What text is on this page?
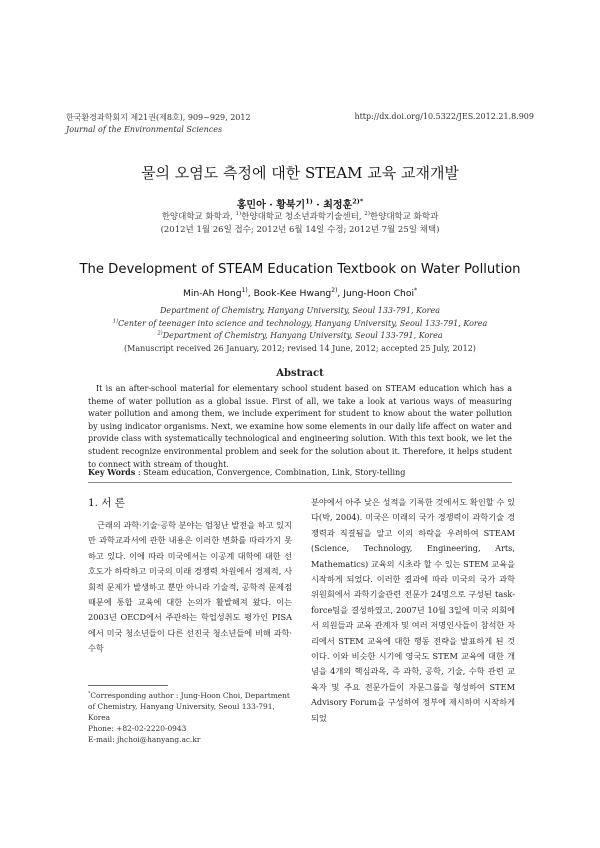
한국환경과학회지 제21권(제8호), 909~929, 2012
Journal of the Environmental Sciences
http://dx.doi.org/10.5322/JES.2012.21.8.909
물의 오염도 측정에 대한 STEAM 교육 교재개발
홍민아 · 황북기$^{1)}$ · 최정훈$^{2)*}$
한양대학교 화학과, $^{1)}$한양대학교 청소년과학기술센터, $^{2)}$한양대학교 화학과
(2012년 1월 26일 접수; 2012년 6월 14일 수정; 2012년 7월 25일 채택)
The Development of STEAM Education Textbook on Water Pollution
Min-Ah Hong$^{1)}$, Book-Kee Hwang$^{2)}$, Jung-Hoon Choi*
Department of Chemistry, Hanyang University, Seoul 133-791, Korea
$^{1)}$Center of teenager into science and technology, Hanyang University, Seoul 133-791, Korea
$^{2)}$Department of Chemistry, Hanyang University, Seoul 133-791, Korea
(Manuscript received 26 January, 2012; revised 14 June, 2012; accepted 25 July, 2012)
Abstract

It is an after-school material for elementary school student based on STEAM education which has a theme of water pollution as a global issue. First of all, we take a look at various ways of measuring water pollution and among them, we include experiment for student to know about the water pollution by using indicator organisms. Next, we examine how some elements in our daily life affect on water and provide class with systematically technological and engineering solution. With this text book, we let the student recognize environmental problem and seek for the solution about it. Therefore, it helps student to connect with stream of thought.

Key Words : Steam education, Convergence, Combination, Link, Story-telling
1. 서 론

근래의 과학·기술·공학 분야는 엄청난 발전을 하고 있지만 과학교과서에 관한 내용은 이러한 변화를 따라가지 못하고 있다. 이에 따라 미국에서는 이공계 대학에 대한 선호도가 하락하고 미국의 미래 경쟁력 차원에서 경제적, 사회적 문제가 발생하고 뿐만 아니라 기술적, 공학적 문제점 때문에 통합 교육에 대한 논의가 활발해져 왔다. 이는 2003년 OECD에서 주관하는 학업성취도 평가인 PISA에서 미국 청소년들이 다른 선진국 청소년들에 비해 과학·수학

분야에서 아주 낮은 성적을 기록한 것에서도 확인할 수 있다(박, 2004). 미국은 미래의 국가 경쟁력이 과학기술 경쟁력과 직결됨을 알고 이의 하락을 우려하여 STEAM (Science, Technology, Engineering, Arts, Mathematics) 교육의 시초라 할 수 있는 STEM 교육을 시작하게 되었다. 이러한 결과에 따라 미국의 국가 과학 위원회에서 과학기술관련 전문가 24명으로 구성된 task-force팀을 결성하였고, 2007년 10월 3일에 미국 의회에서 의원들과 교육 관계자 및 여러 저명인사들이 참석한 자리에서 STEM 교육에 대한 행동 전략을 발표하게 된 것이다. 이와 비슷한 시기에 영국도 STEM 교육에 대한 개념을 4개의 핵심과목, 즉 과학, 공학, 기술, 수학 관련 교육자 및 주요 전문가들이 자문그룹을 형성하여 STEM Advisory Forum을 구성하여 정부에 제시하며 시작하게 되었

*Corresponding author : Jung-Hoon Choi, Department of Chemistry, Hanyang University, Seoul 133-791, Korea
Phone: +82-02-2220-0943
E-mail: jhchoi@hanyang.ac.kr
